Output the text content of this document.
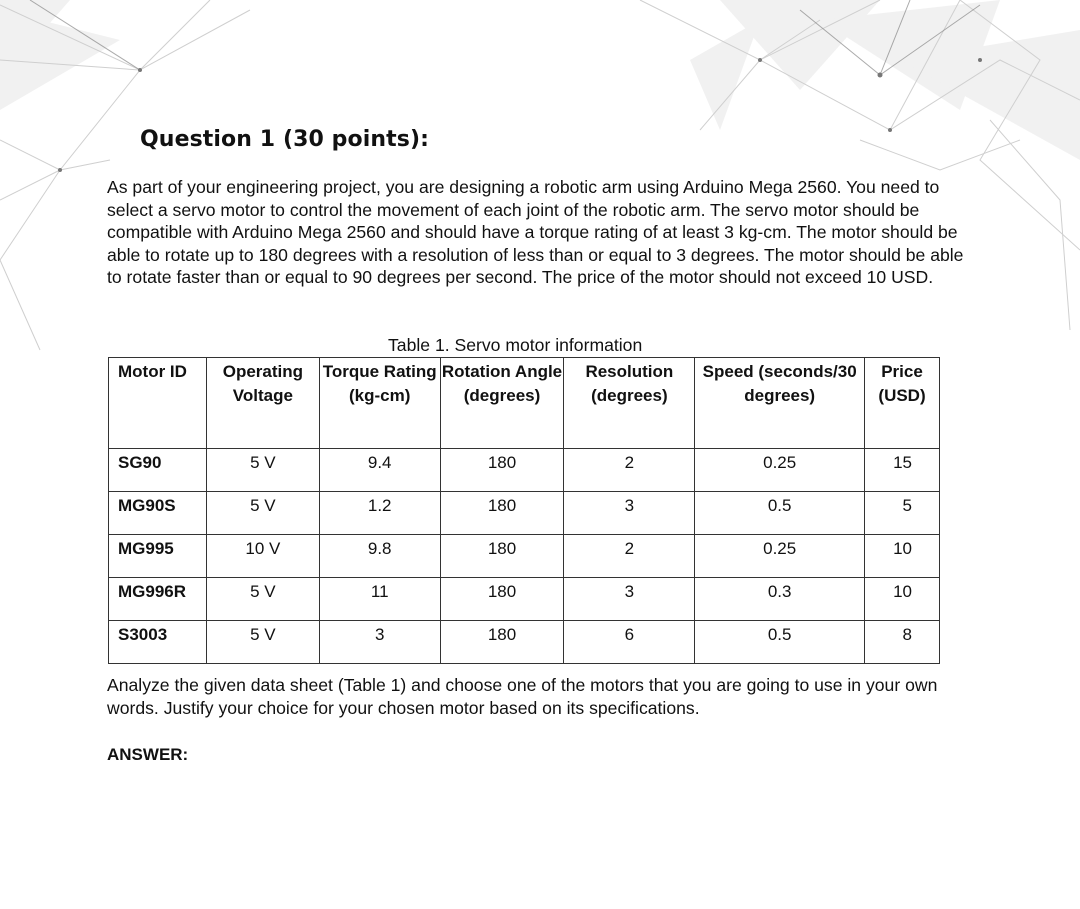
Question 1 (30 points):

As part of your engineering project, you are designing a robotic arm using Arduino Mega 2560. You need to select a servo motor to control the movement of each joint of the robotic arm. The servo motor should be compatible with Arduino Mega 2560 and should have a torque rating of at least 3 kg-cm. The motor should be able to rotate up to 180 degrees with a resolution of less than or equal to 3 degrees. The motor should be able to rotate faster than or equal to 90 degrees per second. The price of the motor should not exceed 10 USD.

Table 1. Servo motor information
Motor ID	Operating Voltage	Torque Rating (kg-cm)	Rotation Angle (degrees)	Resolution (degrees)	Speed (seconds/30 degrees)	Price (USD)
SG90	5 V	9.4	180	2	0.25	15
MG90S	5 V	1.2	180	3	0.5	5
MG995	10 V	9.8	180	2	0.25	10
MG996R	5 V	11	180	3	0.3	10
S3003	5 V	3	180	6	0.5	8

Analyze the given data sheet (Table 1) and choose one of the motors that you are going to use in your own words. Justify your choice for your chosen motor based on its specifications.

ANSWER:
